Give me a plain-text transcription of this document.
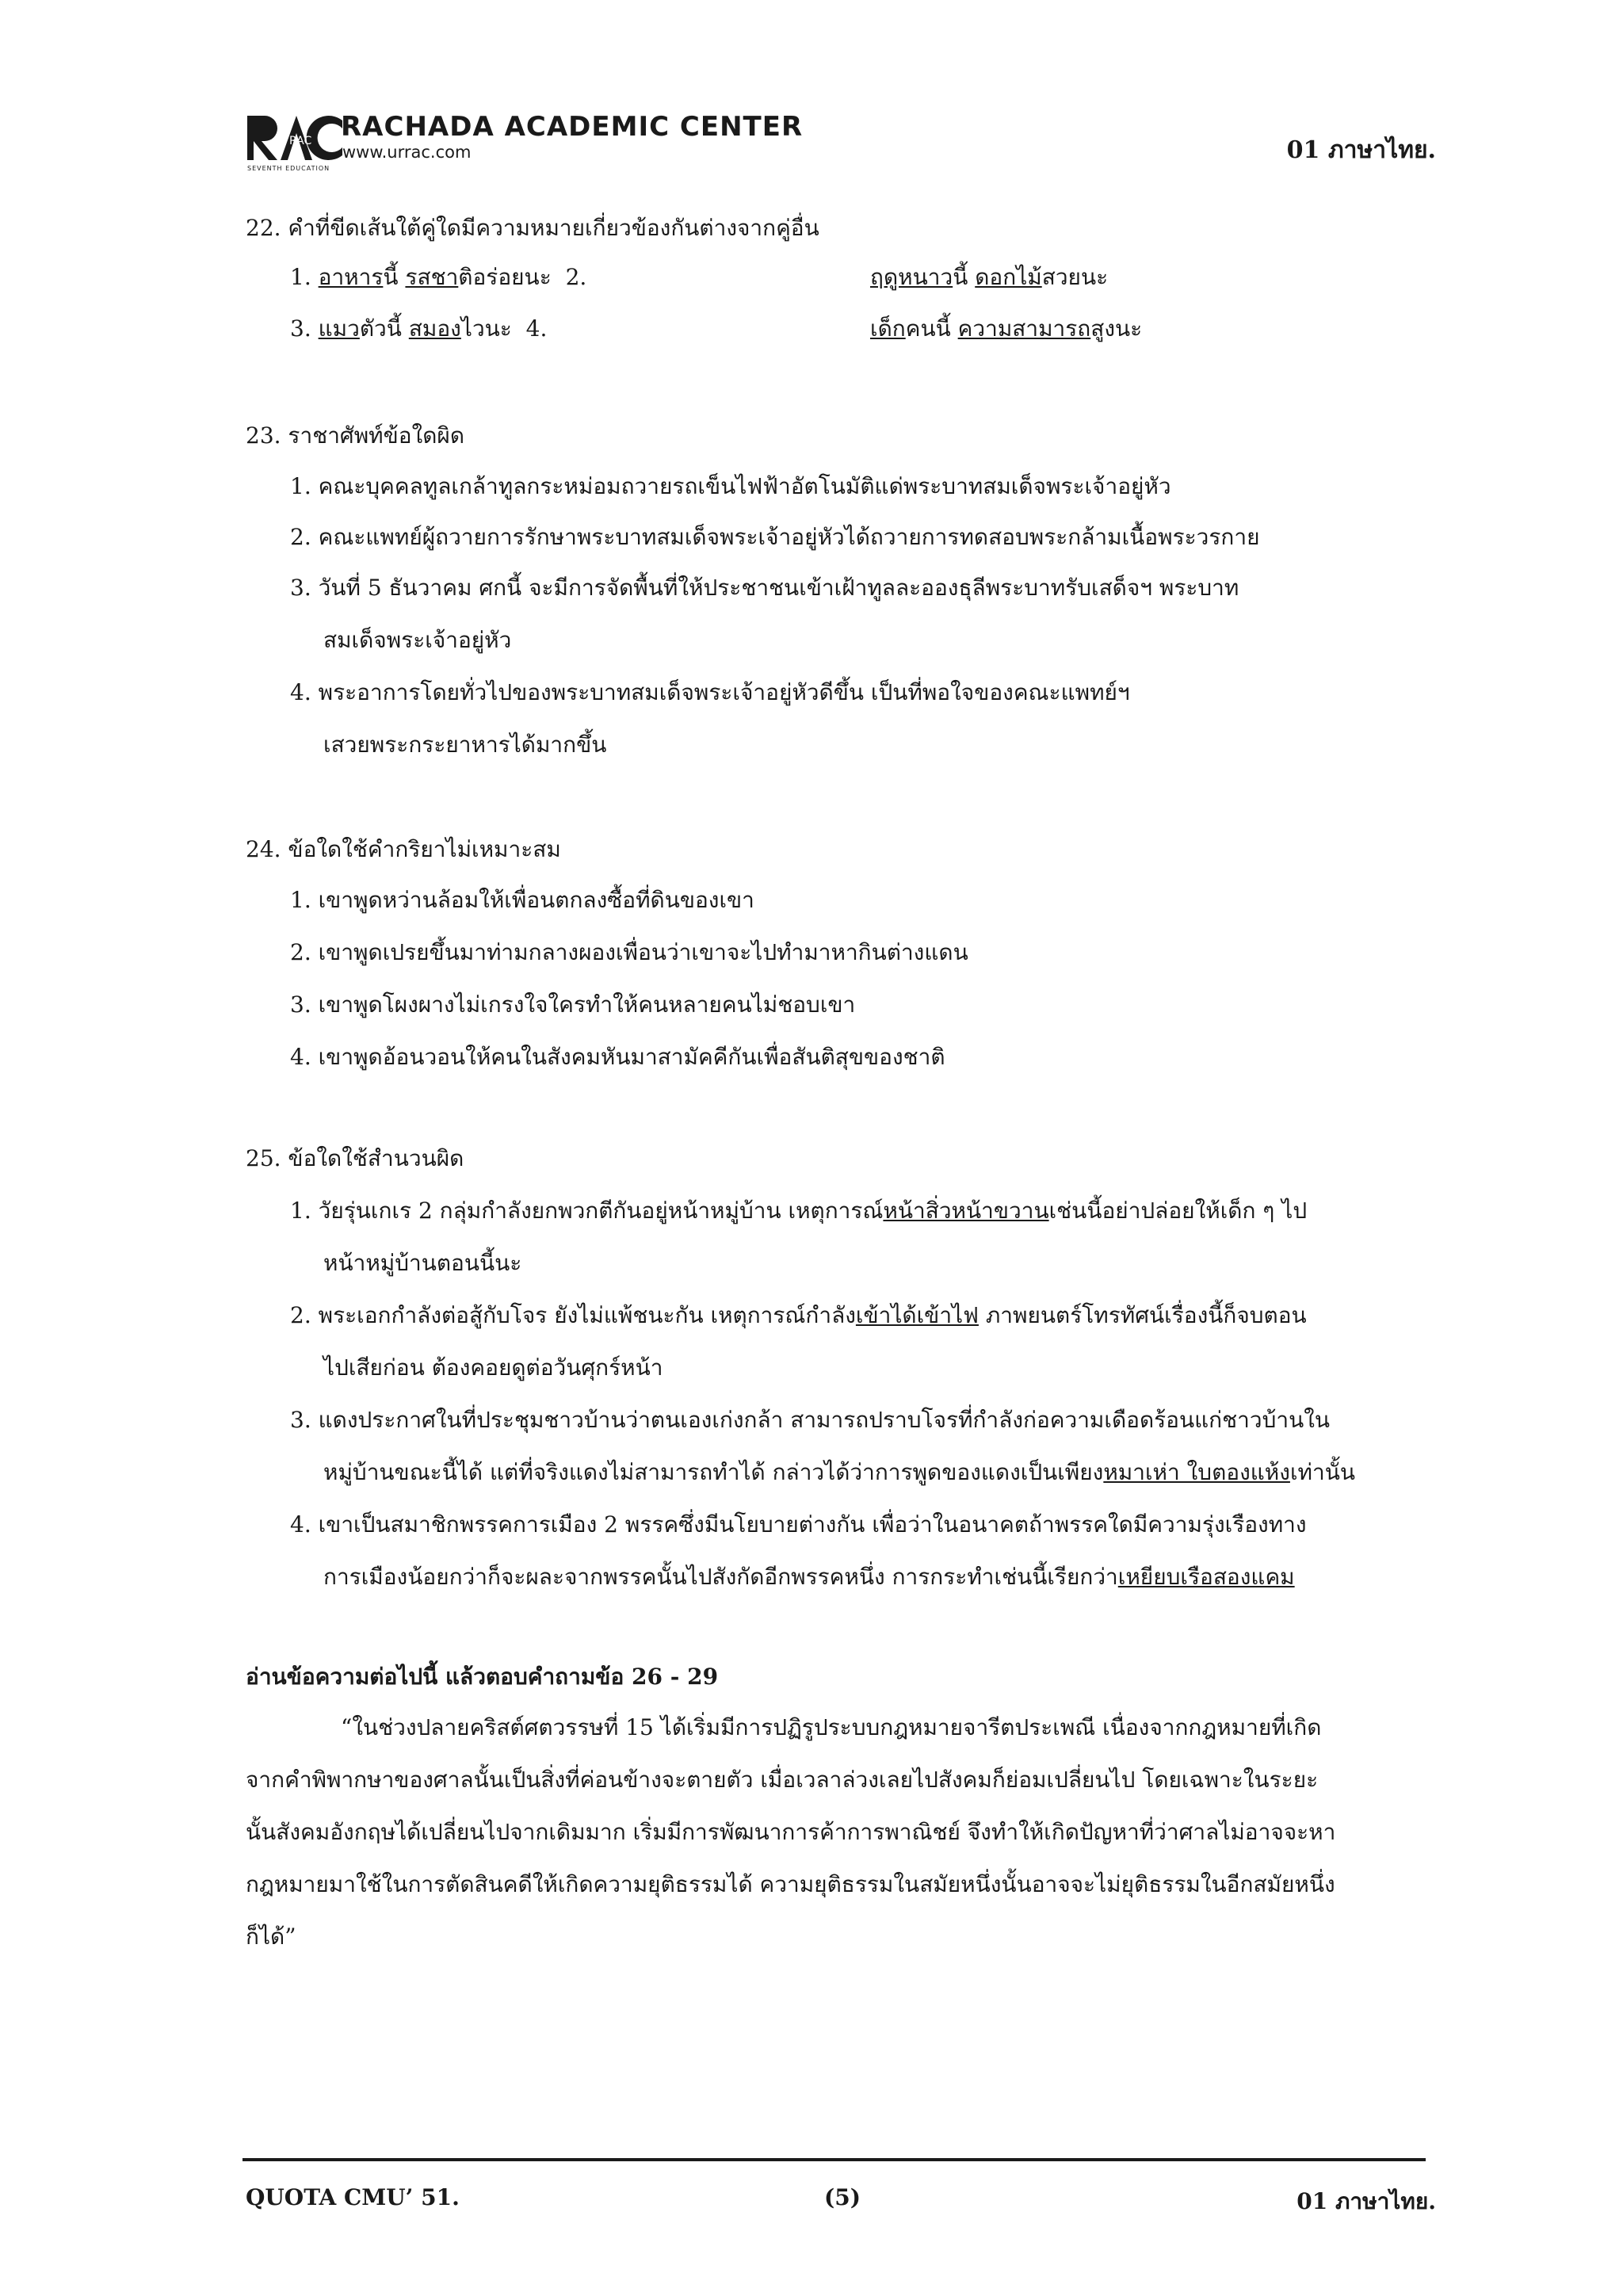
RAC RACHADA ACADEMIC CENTER
www.urrac.com
SEVENTH EDUCATION
01 ภาษาไทย.
22. คำที่ขีดเส้นใต้คู่ใดมีความหมายเกี่ยวข้องกันต่างจากคู่อื่น
1. อาหารนี้ รสชาติอร่อยนะ 2.	ฤดูหนาวนี้ ดอกไม้สวยนะ
3. แมวตัวนี้ สมองไวนะ 4.	เด็กคนนี้ ความสามารถสูงนะ
23. ราชาศัพท์ข้อใดผิด
1. คณะบุคคลทูลเกล้าทูลกระหม่อมถวายรถเข็นไฟฟ้าอัตโนมัติแด่พระบาทสมเด็จพระเจ้าอยู่หัว
2. คณะแพทย์ผู้ถวายการรักษาพระบาทสมเด็จพระเจ้าอยู่หัวได้ถวายการทดสอบพระกล้ามเนื้อพระวรกาย
3. วันที่ 5 ธันวาคม ศกนี้ จะมีการจัดพื้นที่ให้ประชาชนเข้าเฝ้าทูลละอองธุลีพระบาทรับเสด็จฯ พระบาท
สมเด็จพระเจ้าอยู่หัว
4. พระอาการโดยทั่วไปของพระบาทสมเด็จพระเจ้าอยู่หัวดีขึ้น เป็นที่พอใจของคณะแพทย์ฯ
เสวยพระกระยาหารได้มากขึ้น
24. ข้อใดใช้คำกริยาไม่เหมาะสม
1. เขาพูดหว่านล้อมให้เพื่อนตกลงซื้อที่ดินของเขา
2. เขาพูดเปรยขึ้นมาท่ามกลางผองเพื่อนว่าเขาจะไปทำมาหากินต่างแดน
3. เขาพูดโผงผางไม่เกรงใจใครทำให้คนหลายคนไม่ชอบเขา
4. เขาพูดอ้อนวอนให้คนในสังคมหันมาสามัคคีกันเพื่อสันติสุขของชาติ
25. ข้อใดใช้สำนวนผิด
1. วัยรุ่นเกเร 2 กลุ่มกำลังยกพวกตีกันอยู่หน้าหมู่บ้าน เหตุการณ์หน้าสิ่วหน้าขวานเช่นนี้อย่าปล่อยให้เด็ก ๆ ไป
หน้าหมู่บ้านตอนนี้นะ
2. พระเอกกำลังต่อสู้กับโจร ยังไม่แพ้ชนะกัน เหตุการณ์กำลังเข้าได้เข้าไฟ ภาพยนตร์โทรทัศน์เรื่องนี้ก็จบตอน
ไปเสียก่อน ต้องคอยดูต่อวันศุกร์หน้า
3. แดงประกาศในที่ประชุมชาวบ้านว่าตนเองเก่งกล้า สามารถปราบโจรที่กำลังก่อความเดือดร้อนแก่ชาวบ้านใน
หมู่บ้านขณะนี้ได้ แต่ที่จริงแดงไม่สามารถทำได้ กล่าวได้ว่าการพูดของแดงเป็นเพียงหมาเห่า ใบตองแห้งเท่านั้น
4. เขาเป็นสมาชิกพรรคการเมือง 2 พรรคซึ่งมีนโยบายต่างกัน เพื่อว่าในอนาคตถ้าพรรคใดมีความรุ่งเรืองทาง
การเมืองน้อยกว่าก็จะผละจากพรรคนั้นไปสังกัดอีกพรรคหนึ่ง การกระทำเช่นนี้เรียกว่าเหยียบเรือสองแคม
อ่านข้อความต่อไปนี้ แล้วตอบคำถามข้อ 26 - 29
“ในช่วงปลายคริสต์ศตวรรษที่ 15 ได้เริ่มมีการปฏิรูประบบกฎหมายจารีตประเพณี เนื่องจากกฎหมายที่เกิด
จากคำพิพากษาของศาลนั้นเป็นสิ่งที่ค่อนข้างจะตายตัว เมื่อเวลาล่วงเลยไปสังคมก็ย่อมเปลี่ยนไป โดยเฉพาะในระยะ
นั้นสังคมอังกฤษได้เปลี่ยนไปจากเดิมมาก เริ่มมีการพัฒนาการค้าการพาณิชย์ จึงทำให้เกิดปัญหาที่ว่าศาลไม่อาจจะหา
กฎหมายมาใช้ในการตัดสินคดีให้เกิดความยุติธรรมได้ ความยุติธรรมในสมัยหนึ่งนั้นอาจจะไม่ยุติธรรมในอีกสมัยหนึ่ง
ก็ได้”
QUOTA CMU’ 51.	(5)	01 ภาษาไทย.
